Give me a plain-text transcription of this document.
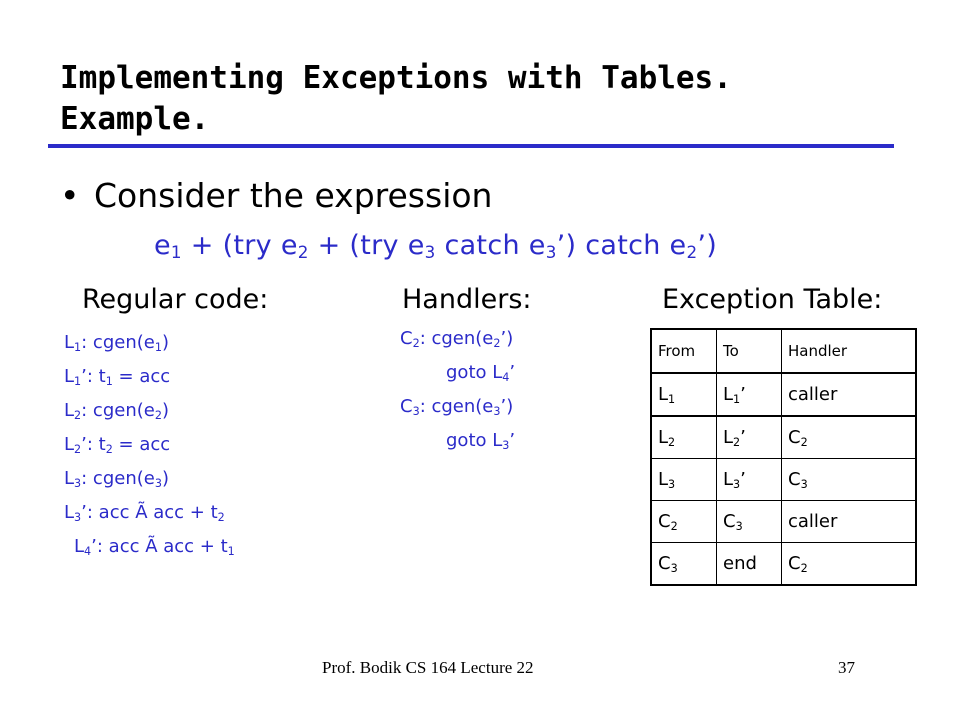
Implementing Exceptions with Tables.
Example.
• Consider the expression
$e_1 + (try$ $e_2 + (try$ $e_3$ catch $e_3$’) catch $e_2$’)
Regular code:	Handlers:	Exception Table:
$L_1$: $cgen(e_1)$
$L_1$’: $t_1$ = acc
$L_2$: $cgen(e_2)$
$L_2$’: $t_2$ = acc
$L_3$: $cgen(e_3)$
$L_3$’: acc Ã acc + $t_2$
$L_4$’: acc Ã acc + $t_1$
$C_2$: $cgen(e_2’)$
goto $L_4$’
$C_3$: $cgen(e_3’)$
goto $L_3$’
From	To	Handler
$L_1$	$L_1$’	caller
$L_2$	$L_2$’	$C_2$
$L_3$	$L_3$’	$C_3$
$C_2$	$C_3$	caller
$C_3$	end	$C_2$
Prof. Bodik CS 164 Lecture 22	37
